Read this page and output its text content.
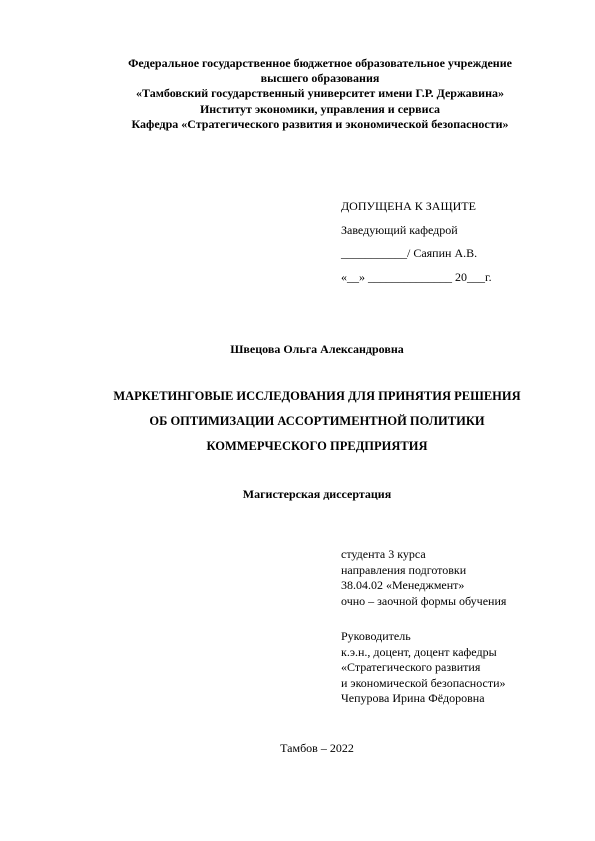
Федеральное государственное бюджетное образовательное учреждение
высшего образования
«Тамбовский государственный университет имени Г.Р. Державина»
Институт экономики, управления и сервиса
Кафедра «Стратегического развития и экономической безопасности»
ДОПУЩЕНА К ЗАЩИТЕ
Заведующий кафедрой
___________/ Саяпин А.В.
«__» ______________ 20___г.
Швецова Ольга Александровна
МАРКЕТИНГОВЫЕ ИССЛЕДОВАНИЯ ДЛЯ ПРИНЯТИЯ РЕШЕНИЯ
ОБ ОПТИМИЗАЦИИ АССОРТИМЕНТНОЙ ПОЛИТИКИ
КОММЕРЧЕСКОГО ПРЕДПРИЯТИЯ
Магистерская диссертация
студента 3 курса
направления подготовки
38.04.02 «Менеджмент»
очно – заочной формы обучения
Руководитель
к.э.н., доцент, доцент кафедры
«Стратегического развития
и экономической безопасности»
Чепурова Ирина Фёдоровна
Тамбов – 2022
